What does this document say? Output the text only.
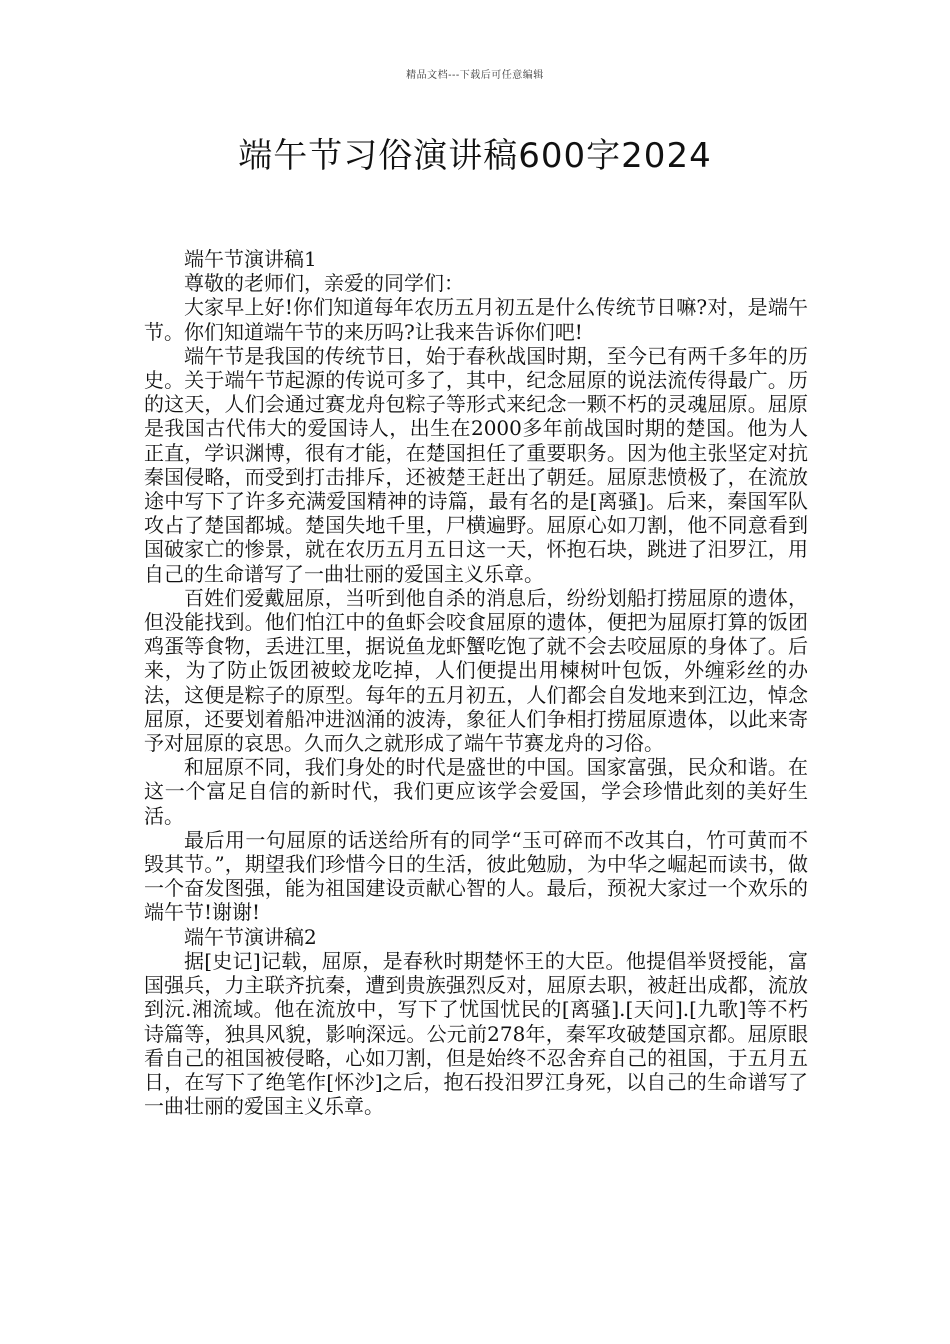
精品文档---下载后可任意编辑
端午节习俗演讲稿600字2024

端午节演讲稿1

尊敬的老师们，亲爱的同学们：

大家早上好!你们知道每年农历五月初五是什么传统节日嘛?对，是端午节。你们知道端午节的来历吗?让我来告诉你们吧!

端午节是我国的传统节日，始于春秋战国时期，至今已有两千多年的历史。关于端午节起源的传说可多了，其中，纪念屈原的说法流传得最广。历的这天，人们会通过赛龙舟包粽子等形式来纪念一颗不朽的灵魂屈原。屈原是我国古代伟大的爱国诗人，出生在2000多年前战国时期的楚国。他为人正直，学识渊博，很有才能，在楚国担任了重要职务。因为他主张坚定对抗秦国侵略，而受到打击排斥，还被楚王赶出了朝廷。屈原悲愤极了，在流放途中写下了许多充满爱国精神的诗篇，最有名的是[离骚]。后来，秦国军队攻占了楚国都城。楚国失地千里，尸横遍野。屈原心如刀割，他不同意看到国破家亡的惨景，就在农历五月五日这一天，怀抱石块，跳进了汨罗江，用自己的生命谱写了一曲壮丽的爱国主义乐章。

百姓们爱戴屈原，当听到他自杀的消息后，纷纷划船打捞屈原的遗体，但没能找到。他们怕江中的鱼虾会咬食屈原的遗体，便把为屈原打算的饭团鸡蛋等食物，丢进江里，据说鱼龙虾蟹吃饱了就不会去咬屈原的身体了。后来，为了防止饭团被蛟龙吃掉，人们便提出用楝树叶包饭，外缠彩丝的办法，这便是粽子的原型。每年的五月初五，人们都会自发地来到江边，悼念屈原，还要划着船冲进汹涌的波涛，象征人们争相打捞屈原遗体，以此来寄予对屈原的哀思。久而久之就形成了端午节赛龙舟的习俗。

和屈原不同，我们身处的时代是盛世的中国。国家富强，民众和谐。在这一个富足自信的新时代，我们更应该学会爱国，学会珍惜此刻的美好生活。

最后用一句屈原的话送给所有的同学“玉可碎而不改其白，竹可黄而不毁其节。”，期望我们珍惜今日的生活，彼此勉励，为中华之崛起而读书，做一个奋发图强，能为祖国建设贡献心智的人。最后，预祝大家过一个欢乐的端午节!谢谢!

端午节演讲稿2

据[史记]记载，屈原，是春秋时期楚怀王的大臣。他提倡举贤授能，富国强兵，力主联齐抗秦，遭到贵族强烈反对，屈原去职，被赶出成都，流放到沅.湘流域。他在流放中，写下了忧国忧民的[离骚].[天问].[九歌]等不朽诗篇等，独具风貌，影响深远。公元前278年，秦军攻破楚国京都。屈原眼看自己的祖国被侵略，心如刀割，但是始终不忍舍弃自己的祖国，于五月五日，在写下了绝笔作[怀沙]之后，抱石投汨罗江身死，以自己的生命谱写了一曲壮丽的爱国主义乐章。
